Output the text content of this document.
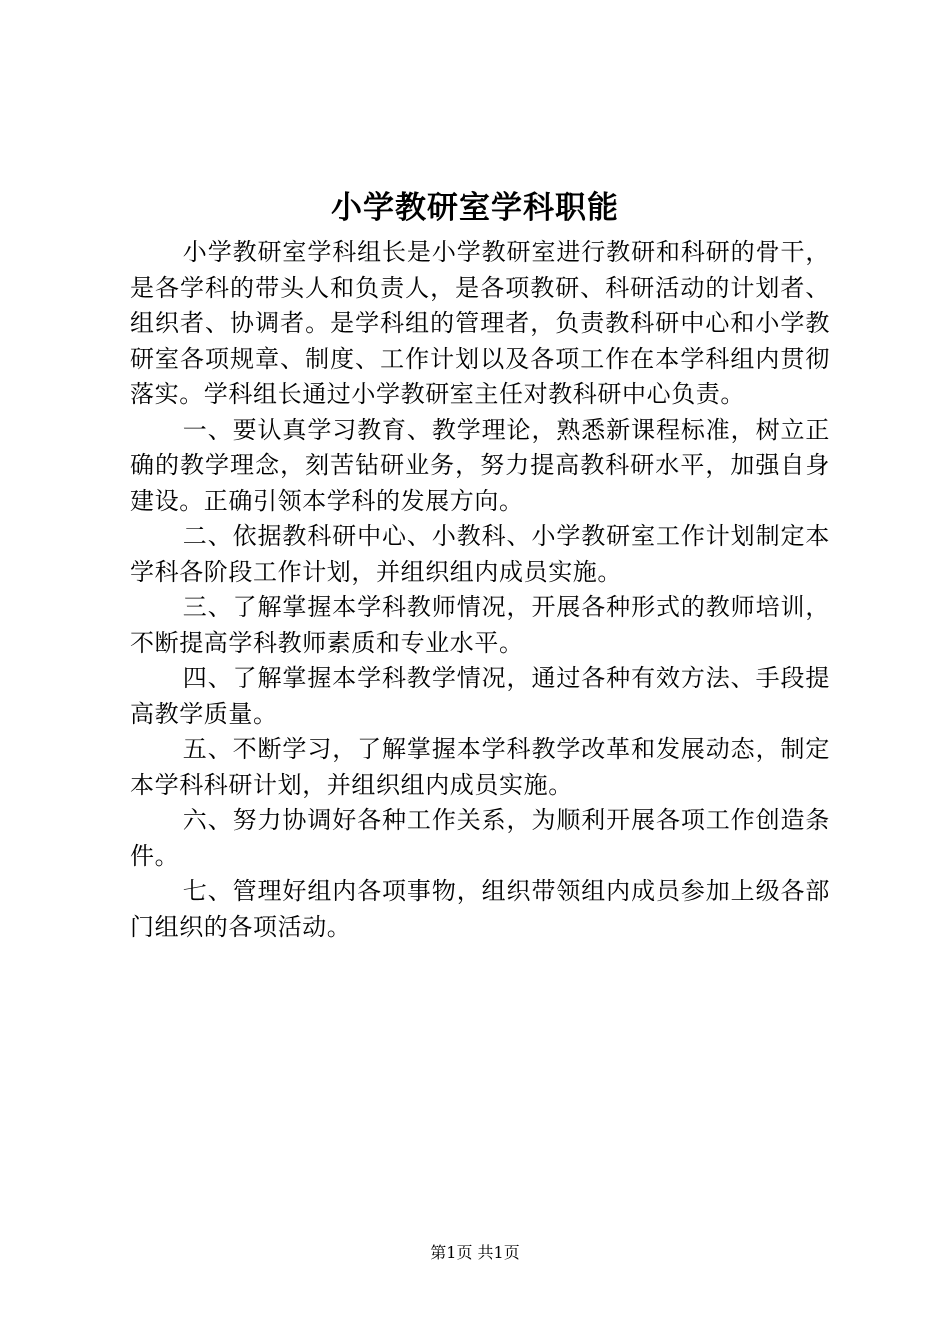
小学教研室学科职能

小学教研室学科组长是小学教研室进行教研和科研的骨干，是各学科的带头人和负责人，是各项教研、科研活动的计划者、组织者、协调者。是学科组的管理者，负责教科研中心和小学教研室各项规章、制度、工作计划以及各项工作在本学科组内贯彻落实。学科组长通过小学教研室主任对教科研中心负责。

一、要认真学习教育、教学理论，熟悉新课程标准，树立正确的教学理念，刻苦钻研业务，努力提高教科研水平，加强自身建设。正确引领本学科的发展方向。

二、依据教科研中心、小教科、小学教研室工作计划制定本学科各阶段工作计划，并组织组内成员实施。

三、了解掌握本学科教师情况，开展各种形式的教师培训，不断提高学科教师素质和专业水平。

四、了解掌握本学科教学情况，通过各种有效方法、手段提高教学质量。

五、不断学习，了解掌握本学科教学改革和发展动态，制定本学科科研计划，并组织组内成员实施。

六、努力协调好各种工作关系，为顺利开展各项工作创造条件。

七、管理好组内各项事物，组织带领组内成员参加上级各部门组织的各项活动。

第1页 共1页
